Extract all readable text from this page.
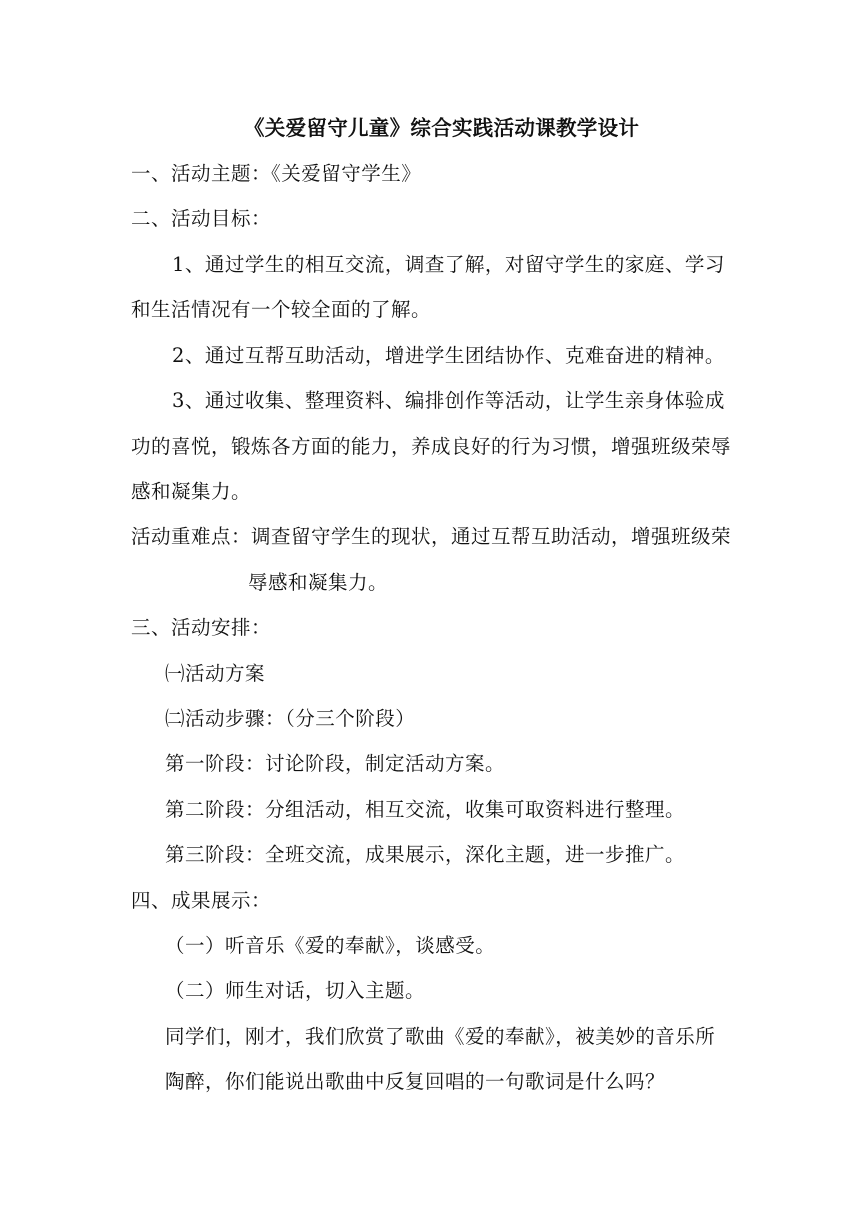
《关爱留守儿童》综合实践活动课教学设计
一、活动主题：《关爱留守学生》
二、活动目标：
1、通过学生的相互交流，调查了解，对留守学生的家庭、学习
和生活情况有一个较全面的了解。
2、通过互帮互助活动，增进学生团结协作、克难奋进的精神。
3、通过收集、整理资料、编排创作等活动，让学生亲身体验成
功的喜悦，锻炼各方面的能力，养成良好的行为习惯，增强班级荣辱
感和凝集力。
活动重难点：调查留守学生的现状，通过互帮互助活动，增强班级荣
辱感和凝集力。
三、活动安排：
㈠活动方案
㈡活动步骤：（分三个阶段）
第一阶段：讨论阶段，制定活动方案。
第二阶段：分组活动，相互交流，收集可取资料进行整理。
第三阶段：全班交流，成果展示，深化主题，进一步推广。
四、成果展示：
（一）听音乐《爱的奉献》，谈感受。
（二）师生对话，切入主题。
同学们，刚才，我们欣赏了歌曲《爱的奉献》，被美妙的音乐所
陶醉，你们能说出歌曲中反复回唱的一句歌词是什么吗？
